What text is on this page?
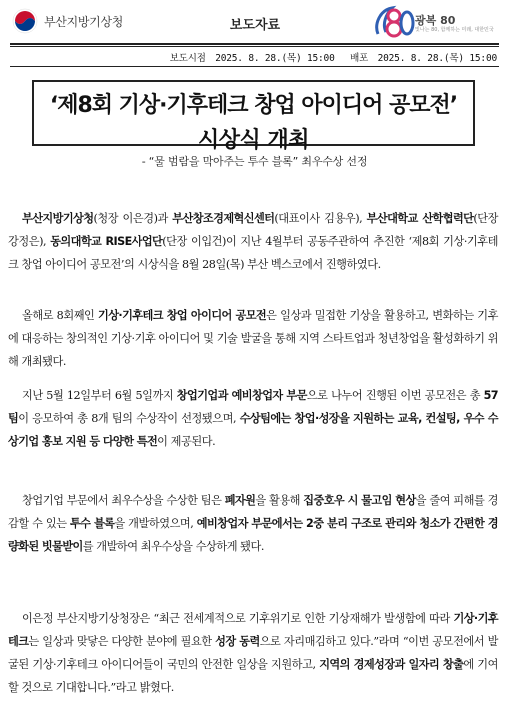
부산지방기상청	보도자료	광복 80
빛나는 80, 함께하는 미래, 대한민국
보도시점 2025. 8. 28.(목) 15:00 배포 2025. 8. 28.(목) 15:00
‘제8회 기상·기후테크 창업 아이디어 공모전’
시상식 개최
- “물 범람을 막아주는 투수 블록” 최우수상 선정
부산지방기상청(청장 이은경)과 부산창조경제혁신센터(대표이사 김용우), 부산대학교 산학협력단(단장 강정은), 동의대학교 RISE사업단(단장 이입건)이 지난 4월부터 공동주관하여 추진한 ‘제8회 기상·기후테크 창업 아이디어 공모전’의 시상식을 8월 28일(목) 부산 벡스코에서 진행하였다.
올해로 8회째인 기상·기후테크 창업 아이디어 공모전은 일상과 밀접한 기상을 활용하고, 변화하는 기후에 대응하는 창의적인 기상·기후 아이디어 및 기술 발굴을 통해 지역 스타트업과 청년창업을 활성화하기 위해 개최됐다.
지난 5월 12일부터 6월 5일까지 창업기업과 예비창업자 부문으로 나누어 진행된 이번 공모전은 총 57팀이 응모하여 총 8개 팀의 수상작이 선정됐으며, 수상팀에는 창업·성장을 지원하는 교육, 컨설팅, 우수 수상기업 홍보 지원 등 다양한 특전이 제공된다.
창업기업 부문에서 최우수상을 수상한 팀은 폐자원을 활용해 집중호우 시 물고임 현상을 줄여 피해를 경감할 수 있는 투수 블록을 개발하였으며, 예비창업자 부문에서는 2중 분리 구조로 관리와 청소가 간편한 경량화된 빗물받이를 개발하여 최우수상을 수상하게 됐다.
이은정 부산지방기상청장은 “최근 전세계적으로 기후위기로 인한 기상재해가 발생함에 따라 기상·기후테크는 일상과 맞닿은 다양한 분야에 필요한 성장 동력으로 자리매김하고 있다.”라며 “이번 공모전에서 발굴된 기상·기후테크 아이디어들이 국민의 안전한 일상을 지원하고, 지역의 경제성장과 일자리 창출에 기여할 것으로 기대합니다.”라고 밝혔다.
